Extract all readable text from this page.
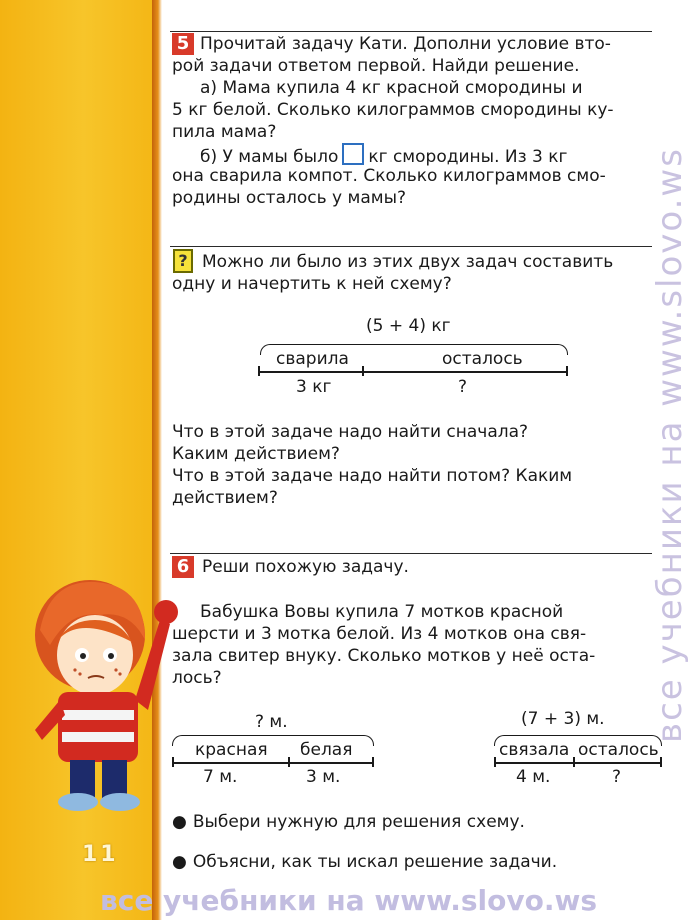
11
все учебники на www.slovo.ws
все учебники на www.slovo.ws
5 Прочитай задачу Кати. Дополни условие вто-
рой задачи ответом первой. Найди решение.
а) Мама купила 4 кг красной смородины и
5 кг белой. Сколько килограммов смородины ку-
пила мама?
б) У мамы было кг смородины. Из 3 кг
она сварила компот. Сколько килограммов смо-
родины осталось у мамы?
? Можно ли было из этих двух задач составить
одну и начертить к ней схему?
(5 + 4) кг
сварила	осталось
3 кг	?
Что в этой задаче надо найти сначала?
Каким действием?
Что в этой задаче надо найти потом? Каким
действием?
6 Реши похожую задачу.
Бабушка Вовы купила 7 мотков красной
шерсти и 3 мотка белой. Из 4 мотков она свя-
зала свитер внуку. Сколько мотков у неё оста-
лось?
? м.
красная белая
7 м.	3 м.
(7 + 3) м.
связала осталось
4 м.	?
● Выбери нужную для решения схему.
● Объясни, как ты искал решение задачи.
